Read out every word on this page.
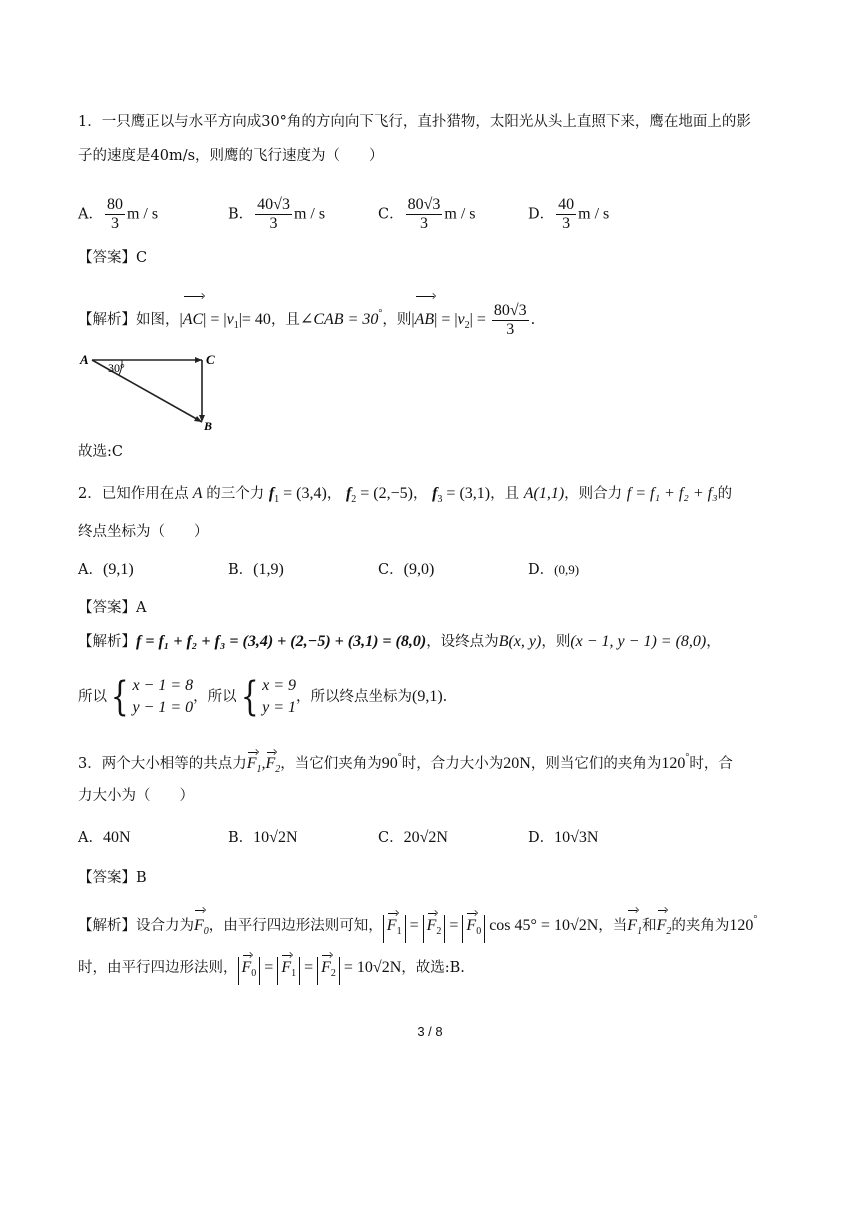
1．一只鹰正以与水平方向成30°角的方向向下飞行，直扑猎物，太阳光从头上直照下来，鹰在地面上的影
子的速度是40m/s，则鹰的飞行速度为（　　）
A． $\frac{80}{3}$ m / s	B． $\frac{40√3}{3}$ m / s	C． $\frac{80√3}{3}$ m / s	D． $\frac{40}{3}$ m / s
【答案】C
【解析】如图，$|AC| = |v_1|= 40$，且∠CAB = 30°，则$|AB| = |v_2| = \frac{80√3}{3}$ .
A	C
B
30°
故选:C
2．已知作用在点 A 的三个力 $f_1 = (3,4)$， $f_2 = (2,-5)$， $f_3 = (3,1)$，且 A(1,1)，则合力 f = f₁ + f₂ + f₃的
终点坐标为（　　）
A．(9,1)	B．(1,9)	C．(9,0)	D．(0,9)
【答案】A
【解析】f = f₁ + f₂ + f₃ = (3,4) + (2,−5) + (3,1) = (8,0)，设终点为B(x, y)，则(x − 1, y − 1) = (8,0)，
所以{ x − 1 = 8
y − 1 = 0
，所以{ x = 9
y = 1
，所以终点坐标为(9,1).
3．两个大小相等的共点力$F_1,F_2$，当它们夹角为90°时，合力大小为20N，则当它们的夹角为120°时，合
力大小为（　　）
A．40N	B．10√2N	C．20√2N	D．10√3N
【答案】B
【解析】设合力为$F_0$，由平行四边形法则可知， $F_1 = F_2 = F_0$ cos 45° = 10√2N，当$F_1$和$F_2$的夹角为120°
时，由平行四边形法则， $F_0 = F_1 = F_2 = 10√2N$，故选:B.
3 / 8
